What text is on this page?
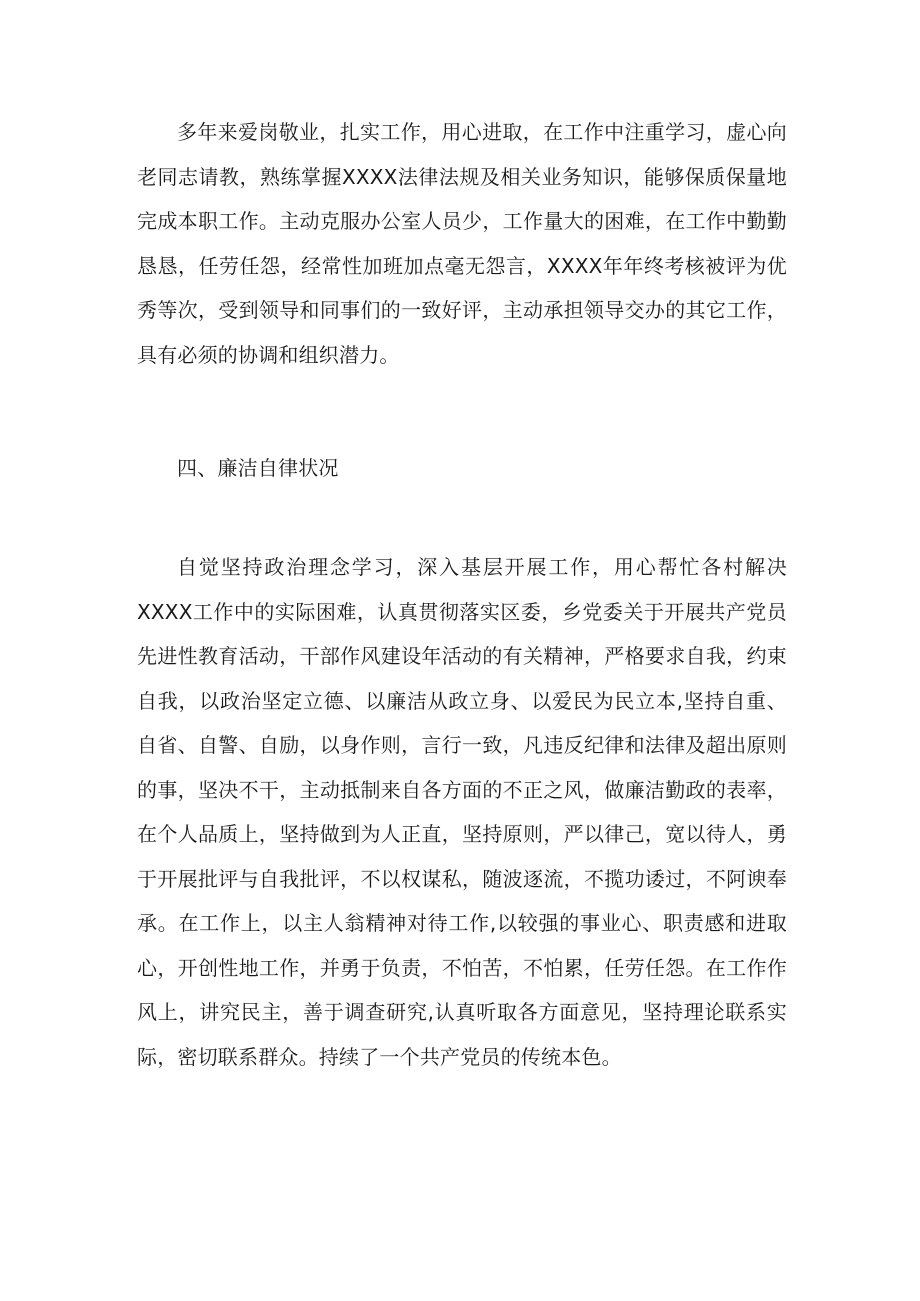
多年来爱岗敬业，扎实工作，用心进取，在工作中注重学习，虚心向老同志请教，熟练掌握XXXX法律法规及相关业务知识，能够保质保量地完成本职工作。主动克服办公室人员少，工作量大的困难，在工作中勤勤恳恳，任劳任怨，经常性加班加点毫无怨言，XXXX年年终考核被评为优秀等次，受到领导和同事们的一致好评，主动承担领导交办的其它工作，具有必须的协调和组织潜力。

四、廉洁自律状况

自觉坚持政治理念学习，深入基层开展工作，用心帮忙各村解决XXXX工作中的实际困难，认真贯彻落实区委，乡党委关于开展共产党员先进性教育活动，干部作风建设年活动的有关精神，严格要求自我，约束自我，以政治坚定立德、以廉洁从政立身、以爱民为民立本,坚持自重、自省、自警、自励，以身作则，言行一致，凡违反纪律和法律及超出原则的事，坚决不干，主动抵制来自各方面的不正之风，做廉洁勤政的表率，在个人品质上，坚持做到为人正直，坚持原则，严以律己，宽以待人，勇于开展批评与自我批评，不以权谋私，随波逐流，不揽功诿过，不阿谀奉承。在工作上，以主人翁精神对待工作,以较强的事业心、职责感和进取心，开创性地工作，并勇于负责，不怕苦，不怕累，任劳任怨。在工作作风上，讲究民主，善于调查研究,认真听取各方面意见，坚持理论联系实际，密切联系群众。持续了一个共产党员的传统本色。
